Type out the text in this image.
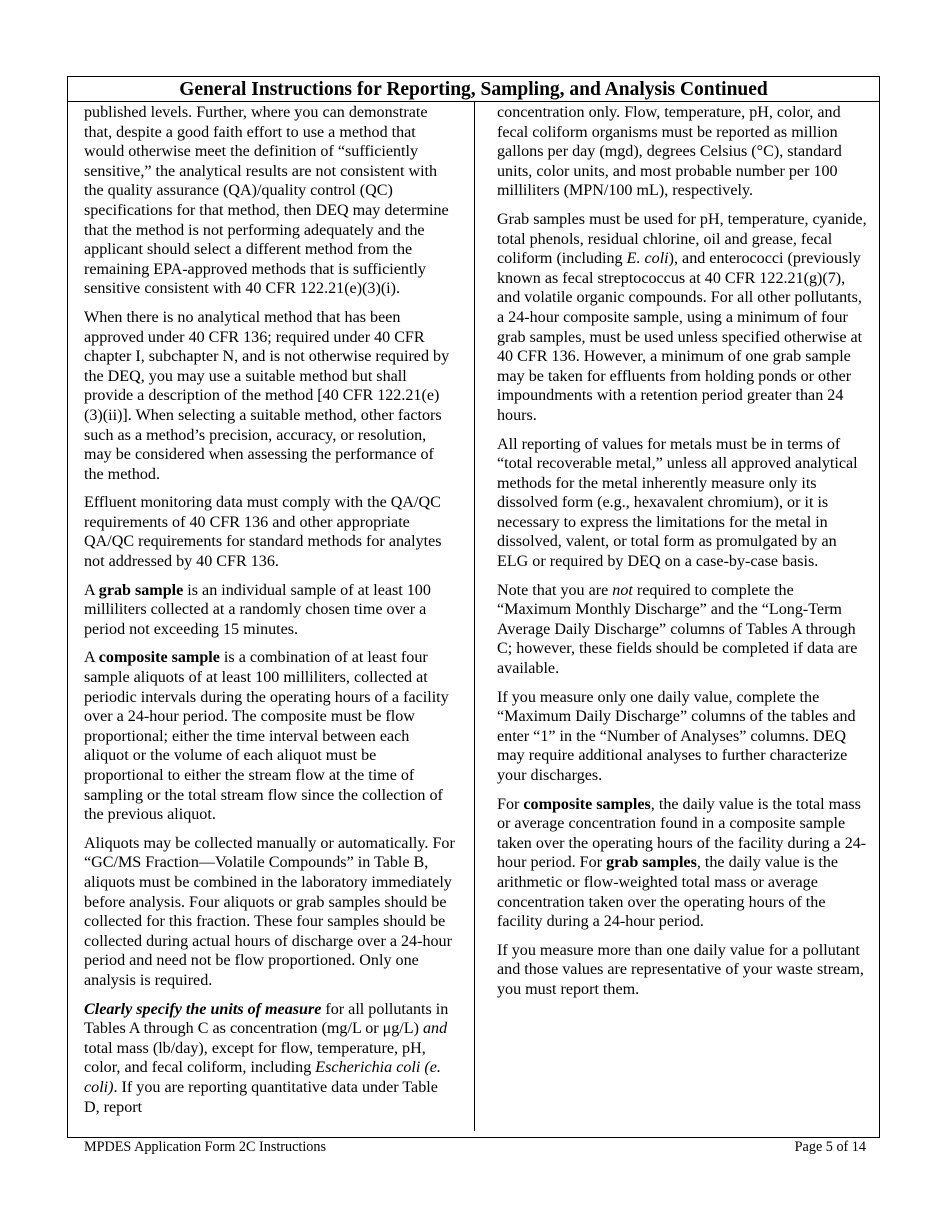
General Instructions for Reporting, Sampling, and Analysis Continued

published levels. Further, where you can demonstrate that, despite a good faith effort to use a method that would otherwise meet the definition of “sufficiently sensitive,” the analytical results are not consistent with the quality assurance (QA)/quality control (QC) specifications for that method, then DEQ may determine that the method is not performing adequately and the applicant should select a different method from the remaining EPA-approved methods that is sufficiently sensitive consistent with 40 CFR 122.21(e)(3)(i).

When there is no analytical method that has been approved under 40 CFR 136; required under 40 CFR chapter I, subchapter N, and is not otherwise required by the DEQ, you may use a suitable method but shall provide a description of the method [40 CFR 122.21(e)(3)(ii)]. When selecting a suitable method, other factors such as a method’s precision, accuracy, or resolution, may be considered when assessing the performance of the method.

Effluent monitoring data must comply with the QA/QC requirements of 40 CFR 136 and other appropriate QA/QC requirements for standard methods for analytes not addressed by 40 CFR 136.

A grab sample is an individual sample of at least 100 milliliters collected at a randomly chosen time over a period not exceeding 15 minutes.

A composite sample is a combination of at least four sample aliquots of at least 100 milliliters, collected at periodic intervals during the operating hours of a facility over a 24-hour period. The composite must be flow proportional; either the time interval between each aliquot or the volume of each aliquot must be proportional to either the stream flow at the time of sampling or the total stream flow since the collection of the previous aliquot.

Aliquots may be collected manually or automatically. For “GC/MS Fraction—Volatile Compounds” in Table B, aliquots must be combined in the laboratory immediately before analysis. Four aliquots or grab samples should be collected for this fraction. These four samples should be collected during actual hours of discharge over a 24-hour period and need not be flow proportioned. Only one analysis is required.

Clearly specify the units of measure for all pollutants in Tables A through C as concentration (mg/L or μg/L) and total mass (lb/day), except for flow, temperature, pH, color, and fecal coliform, including Escherichia coli (e. coli). If you are reporting quantitative data under Table D, report

concentration only. Flow, temperature, pH, color, and fecal coliform organisms must be reported as million gallons per day (mgd), degrees Celsius (°C), standard units, color units, and most probable number per 100 milliliters (MPN/100 mL), respectively.

Grab samples must be used for pH, temperature, cyanide, total phenols, residual chlorine, oil and grease, fecal coliform (including E. coli), and enterococci (previously known as fecal streptococcus at 40 CFR 122.21(g)(7), and volatile organic compounds. For all other pollutants, a 24-hour composite sample, using a minimum of four grab samples, must be used unless specified otherwise at 40 CFR 136. However, a minimum of one grab sample may be taken for effluents from holding ponds or other impoundments with a retention period greater than 24 hours.

All reporting of values for metals must be in terms of “total recoverable metal,” unless all approved analytical methods for the metal inherently measure only its dissolved form (e.g., hexavalent chromium), or it is necessary to express the limitations for the metal in dissolved, valent, or total form as promulgated by an ELG or required by DEQ on a case-by-case basis.

Note that you are not required to complete the “Maximum Monthly Discharge” and the “Long-Term Average Daily Discharge” columns of Tables A through C; however, these fields should be completed if data are available.

If you measure only one daily value, complete the “Maximum Daily Discharge” columns of the tables and enter “1” in the “Number of Analyses” columns. DEQ may require additional analyses to further characterize your discharges.

For composite samples, the daily value is the total mass or average concentration found in a composite sample taken over the operating hours of the facility during a 24-hour period. For grab samples, the daily value is the arithmetic or flow-weighted total mass or average concentration taken over the operating hours of the facility during a 24-hour period.

If you measure more than one daily value for a pollutant and those values are representative of your waste stream, you must report them.

MPDES Application Form 2C Instructions	Page 5 of 14
